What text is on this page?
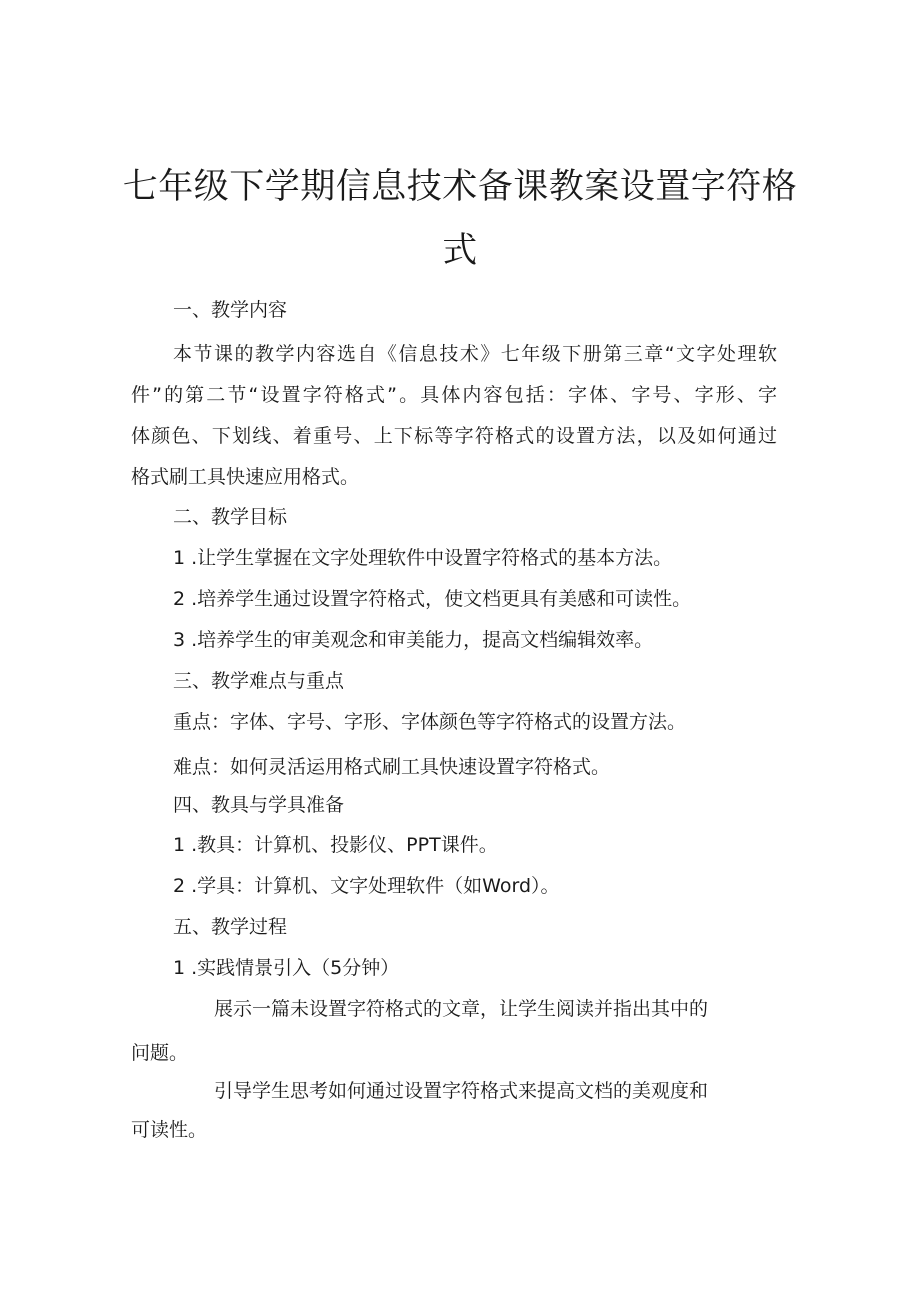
七年级下学期信息技术备课教案设置字符格
式

一、教学内容

本节课的教学内容选自《信息技术》七年级下册第三章“文字处理软
件”的第二节“设置字符格式”。具体内容包括：字体、字号、字形、字
体颜色、下划线、着重号、上下标等字符格式的设置方法，以及如何通过
格式刷工具快速应用格式。

二、教学目标

1 .让学生掌握在文字处理软件中设置字符格式的基本方法。

2 .培养学生通过设置字符格式，使文档更具有美感和可读性。

3 .培养学生的审美观念和审美能力，提高文档编辑效率。

三、教学难点与重点

重点：字体、字号、字形、字体颜色等字符格式的设置方法。

难点：如何灵活运用格式刷工具快速设置字符格式。

四、教具与学具准备

1 .教具：计算机、投影仪、PPT课件。

2 .学具：计算机、文字处理软件（如Word）。

五、教学过程

1 .实践情景引入（5分钟）

展示一篇未设置字符格式的文章，让学生阅读并指出其中的

问题。

引导学生思考如何通过设置字符格式来提高文档的美观度和

可读性。
